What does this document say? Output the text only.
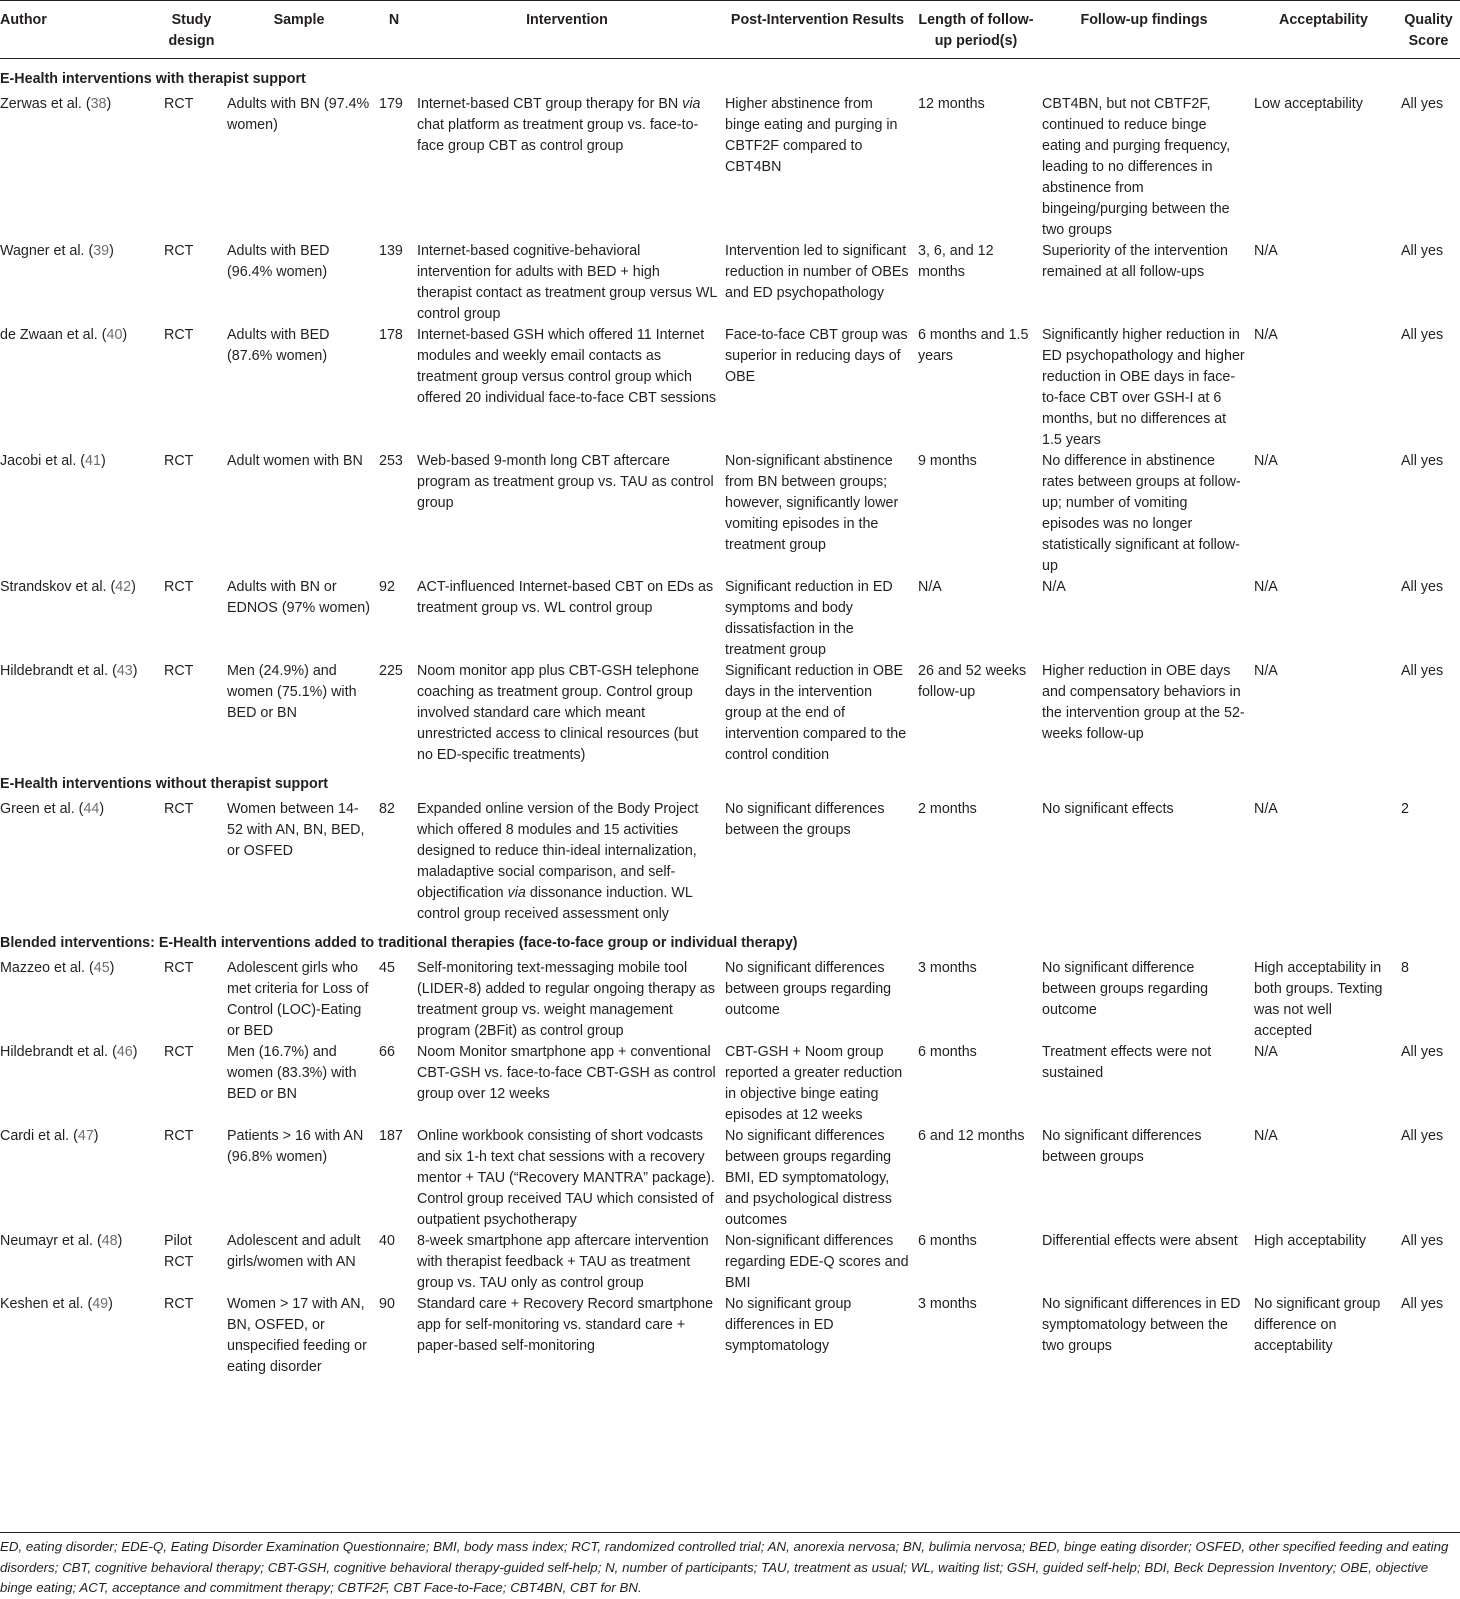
Author	Study design	Sample	N	Intervention	Post-Intervention Results	Length of follow-up period(s)	Follow-up findings	Acceptability	Quality Score
E-Health interventions with therapist support									
Zerwas et al. (38)	RCT	Adults with BN (97.4% women)	179	Internet-based CBT group therapy for BN via chat platform as treatment group vs. face-to-face group CBT as control group	Higher abstinence from binge eating and purging in CBTF2F compared to CBT4BN	12 months	CBT4BN, but not CBTF2F, continued to reduce binge eating and purging frequency, leading to no differences in abstinence from bingeing/purging between the two groups	Low acceptability	All yes
Wagner et al. (39)	RCT	Adults with BED (96.4% women)	139	Internet-based cognitive-behavioral intervention for adults with BED + high therapist contact as treatment group versus WL control group	Intervention led to significant reduction in number of OBEs and ED psychopathology	3, 6, and 12 months	Superiority of the intervention remained at all follow-ups	N/A	All yes
de Zwaan et al. (40)	RCT	Adults with BED (87.6% women)	178	Internet-based GSH which offered 11 Internet modules and weekly email contacts as treatment group versus control group which offered 20 individual face-to-face CBT sessions	Face-to-face CBT group was superior in reducing days of OBE	6 months and 1.5 years	Significantly higher reduction in ED psychopathology and higher reduction in OBE days in face-to-face CBT over GSH-I at 6 months, but no differences at 1.5 years	N/A	All yes
Jacobi et al. (41)	RCT	Adult women with BN	253	Web-based 9-month long CBT aftercare program as treatment group vs. TAU as control group	Non-significant abstinence from BN between groups; however, significantly lower vomiting episodes in the treatment group	9 months	No difference in abstinence rates between groups at follow-up; number of vomiting episodes was no longer statistically significant at follow-up	N/A	All yes
Strandskov et al. (42)	RCT	Adults with BN or EDNOS (97% women)	92	ACT-influenced Internet-based CBT on EDs as treatment group vs. WL control group	Significant reduction in ED symptoms and body dissatisfaction in the treatment group	N/A	N/A	N/A	All yes
Hildebrandt et al. (43)	RCT	Men (24.9%) and women (75.1%) with BED or BN	225	Noom monitor app plus CBT-GSH telephone coaching as treatment group. Control group involved standard care which meant unrestricted access to clinical resources (but no ED-specific treatments)	Significant reduction in OBE days in the intervention group at the end of intervention compared to the control condition	26 and 52 weeks follow-up	Higher reduction in OBE days and compensatory behaviors in the intervention group at the 52-weeks follow-up	N/A	All yes
E-Health interventions without therapist support									
Green et al. (44)	RCT	Women between 14-52 with AN, BN, BED, or OSFED	82	Expanded online version of the Body Project which offered 8 modules and 15 activities designed to reduce thin-ideal internalization, maladaptive social comparison, and self-objectification via dissonance induction. WL control group received assessment only	No significant differences between the groups	2 months	No significant effects	N/A	2
Blended interventions: E-Health interventions added to traditional therapies (face-to-face group or individual therapy)									
Mazzeo et al. (45)	RCT	Adolescent girls who met criteria for Loss of Control (LOC)-Eating or BED	45	Self-monitoring text-messaging mobile tool (LIDER-8) added to regular ongoing therapy as treatment group vs. weight management program (2BFit) as control group	No significant differences between groups regarding outcome	3 months	No significant difference between groups regarding outcome	High acceptability in both groups. Texting was not well accepted	8
Hildebrandt et al. (46)	RCT	Men (16.7%) and women (83.3%) with BED or BN	66	Noom Monitor smartphone app + conventional CBT-GSH vs. face-to-face CBT-GSH as control group over 12 weeks	CBT-GSH + Noom group reported a greater reduction in objective binge eating episodes at 12 weeks	6 months	Treatment effects were not sustained	N/A	All yes
Cardi et al. (47)	RCT	Patients > 16 with AN (96.8% women)	187	Online workbook consisting of short vodcasts and six 1-h text chat sessions with a recovery mentor + TAU (“Recovery MANTRA” package). Control group received TAU which consisted of outpatient psychotherapy	No significant differences between groups regarding BMI, ED symptomatology, and psychological distress outcomes	6 and 12 months	No significant differences between groups	N/A	All yes
Neumayr et al. (48)	Pilot RCT	Adolescent and adult girls/women with AN	40	8-week smartphone app aftercare intervention with therapist feedback + TAU as treatment group vs. TAU only as control group	Non-significant differences regarding EDE-Q scores and BMI	6 months	Differential effects were absent	High acceptability	All yes
Keshen et al. (49)	RCT	Women > 17 with AN, BN, OSFED, or unspecified feeding or eating disorder	90	Standard care + Recovery Record smartphone app for self-monitoring vs. standard care + paper-based self-monitoring	No significant group differences in ED symptomatology	3 months	No significant differences in ED symptomatology between the two groups	No significant group difference on acceptability	All yes
ED, eating disorder; EDE-Q, Eating Disorder Examination Questionnaire; BMI, body mass index; RCT, randomized controlled trial; AN, anorexia nervosa; BN, bulimia nervosa; BED, binge eating disorder; OSFED, other specified feeding and eating disorders; CBT, cognitive behavioral therapy; CBT-GSH, cognitive behavioral therapy-guided self-help; N, number of participants; TAU, treatment as usual; WL, waiting list; GSH, guided self-help; BDI, Beck Depression Inventory; OBE, objective binge eating; ACT, acceptance and commitment therapy; CBTF2F, CBT Face-to-Face; CBT4BN, CBT for BN.
